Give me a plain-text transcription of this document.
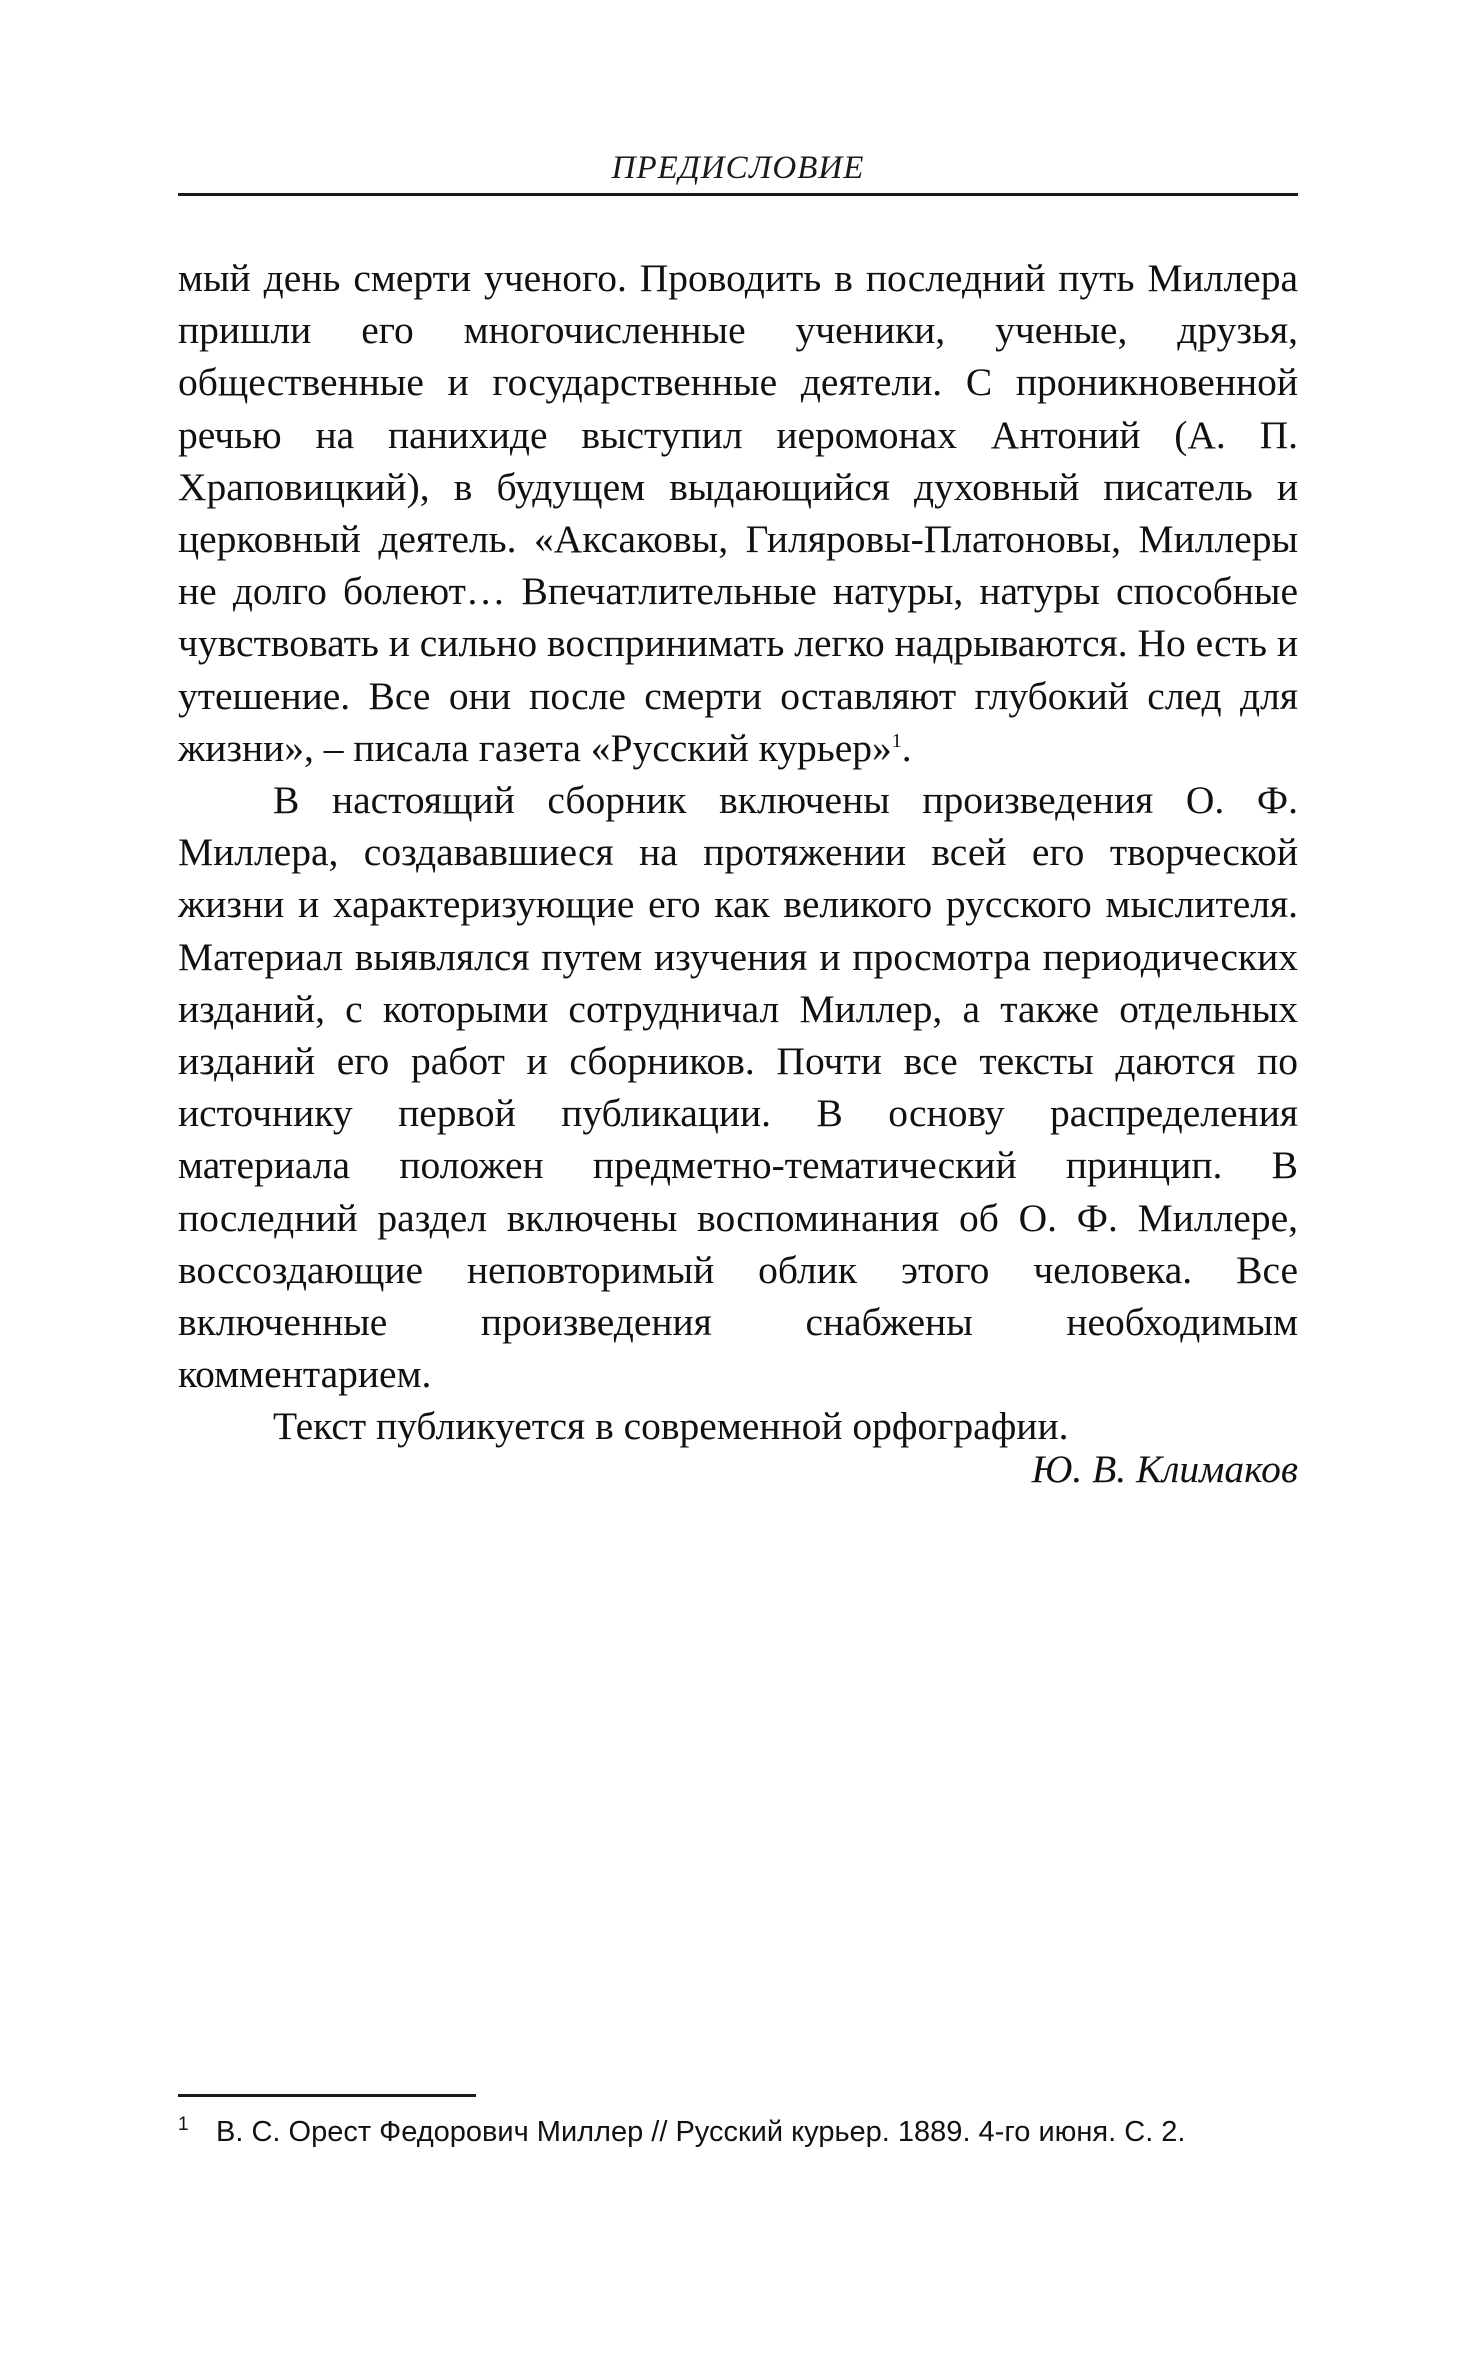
ПРЕДИСЛОВИЕ

мый день смерти ученого. Проводить в последний путь Миллера пришли его многочисленные ученики, ученые, друзья, общественные и государственные деятели. С проникновенной речью на панихиде выступил иеромонах Антоний (А. П. Храповицкий), в будущем выдающийся духовный писатель и церковный деятель. «Аксаковы, Гиляровы-Платоновы, Миллеры не долго болеют… Впечатлительные натуры, натуры способные чувствовать и сильно воспринимать легко надрываются. Но есть и утешение. Все они после смерти оставляют глубокий след для жизни», – писала газета «Русский курьер»$^1$.

В настоящий сборник включены произведения О. Ф. Миллера, создававшиеся на протяжении всей его творческой жизни и характеризующие его как великого русского мыслителя. Материал выявлялся путем изучения и просмотра периодических изданий, с которыми сотрудничал Миллер, а также отдельных изданий его работ и сборников. Почти все тексты даются по источнику первой публикации. В основу распределения материала положен предметно-тематический принцип. В последний раздел включены воспоминания об О. Ф. Миллере, воссоздающие неповторимый облик этого человека. Все включенные произведения снабжены необходимым комментарием.

Текст публикуется в современной орфографии.

Ю. В. Климаков
1 В. С. Орест Федорович Миллер // Русский курьер. 1889. 4-го июня. С. 2.
